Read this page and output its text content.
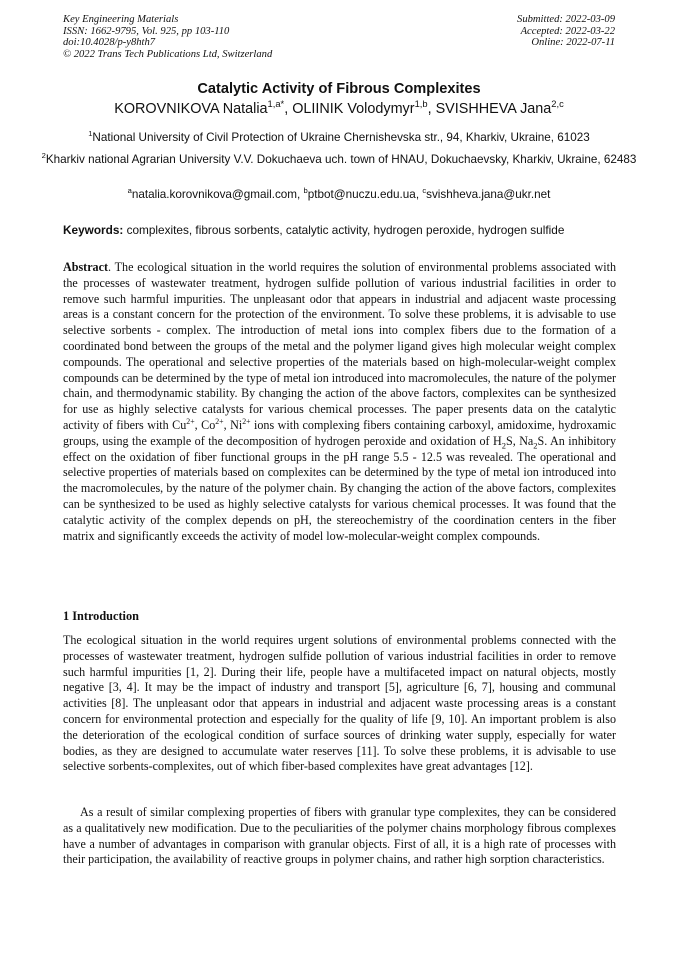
Key Engineering Materials
ISSN: 1662-9795, Vol. 925, pp 103-110
doi:10.4028/p-y8hth7
© 2022 Trans Tech Publications Ltd, Switzerland
Submitted: 2022-03-09
Accepted: 2022-03-22
Online: 2022-07-11
Catalytic Activity of Fibrous Complexites
KOROVNIKOVA Natalia$^{1,a*}$, OLIINIK Volodymyr$^{1,b}$, SVISHHEVA Jana$^{2,c}$
$^1$National University of Civil Protection of Ukraine Chernishevska str., 94, Kharkiv, Ukraine, 61023
$^2$Kharkiv national Agrarian University V.V. Dokuchaeva uch. town of HNAU, Dokuchaevsky, Kharkiv, Ukraine, 62483
$^a$natalia.korovnikova@gmail.com, $^b$ptbot@nuczu.edu.ua, $^c$svishheva.jana@ukr.net
Keywords: complexites, fibrous sorbents, catalytic activity, hydrogen peroxide, hydrogen sulfide
Abstract. The ecological situation in the world requires the solution of environmental problems associated with the processes of wastewater treatment, hydrogen sulfide pollution of various industrial facilities in order to remove such harmful impurities. The unpleasant odor that appears in industrial and adjacent waste processing areas is a constant concern for the protection of the environment. To solve these problems, it is advisable to use selective sorbents - complex. The introduction of metal ions into complex fibers due to the formation of a coordinated bond between the groups of the metal and the polymer ligand gives high molecular weight complex compounds. The operational and selective properties of the materials based on high-molecular-weight complex compounds can be determined by the type of metal ion introduced into macromolecules, the nature of the polymer chain, and thermodynamic stability. By changing the action of the above factors, complexites can be synthesized for use as highly selective catalysts for various chemical processes. The paper presents data on the catalytic activity of fibers with $Cu^{2+}$, $Co^{2+}$, $Ni^{2+}$ ions with complexing fibers containing carboxyl, amidoxime, hydroxamic groups, using the example of the decomposition of hydrogen peroxide and oxidation of $H_2S$, $Na_2S$. An inhibitory effect on the oxidation of fiber functional groups in the pH range 5.5 - 12.5 was revealed. The operational and selective properties of materials based on complexites can be determined by the type of metal ion introduced into the macromolecules, by the nature of the polymer chain. By changing the action of the above factors, complexites can be synthesized to be used as highly selective catalysts for various chemical processes. It was found that the catalytic activity of the complex depends on pH, the stereochemistry of the coordination centers in the fiber matrix and significantly exceeds the activity of model low-molecular-weight complex compounds.
1 Introduction
The ecological situation in the world requires urgent solutions of environmental problems connected with the processes of wastewater treatment, hydrogen sulfide pollution of various industrial facilities in order to remove such harmful impurities [1, 2]. During their life, people have a multifaceted impact on natural objects, mostly negative [3, 4]. It may be the impact of industry and transport [5], agriculture [6, 7], housing and communal activities [8]. The unpleasant odor that appears in industrial and adjacent waste processing areas is a constant concern for environmental protection and especially for the quality of life [9, 10]. An important problem is also the deterioration of the ecological condition of surface sources of drinking water supply, especially for water bodies, as they are designed to accumulate water reserves [11]. To solve these problems, it is advisable to use selective sorbents-complexites, out of which fiber-based complexites have great advantages [12].
As a result of similar complexing properties of fibers with granular type complexites, they can be considered as a qualitatively new modification. Due to the peculiarities of the polymer chains morphology fibrous complexes have a number of advantages in comparison with granular objects. First of all, it is a high rate of processes with their participation, the availability of reactive groups in polymer chains, and rather high sorption characteristics.
